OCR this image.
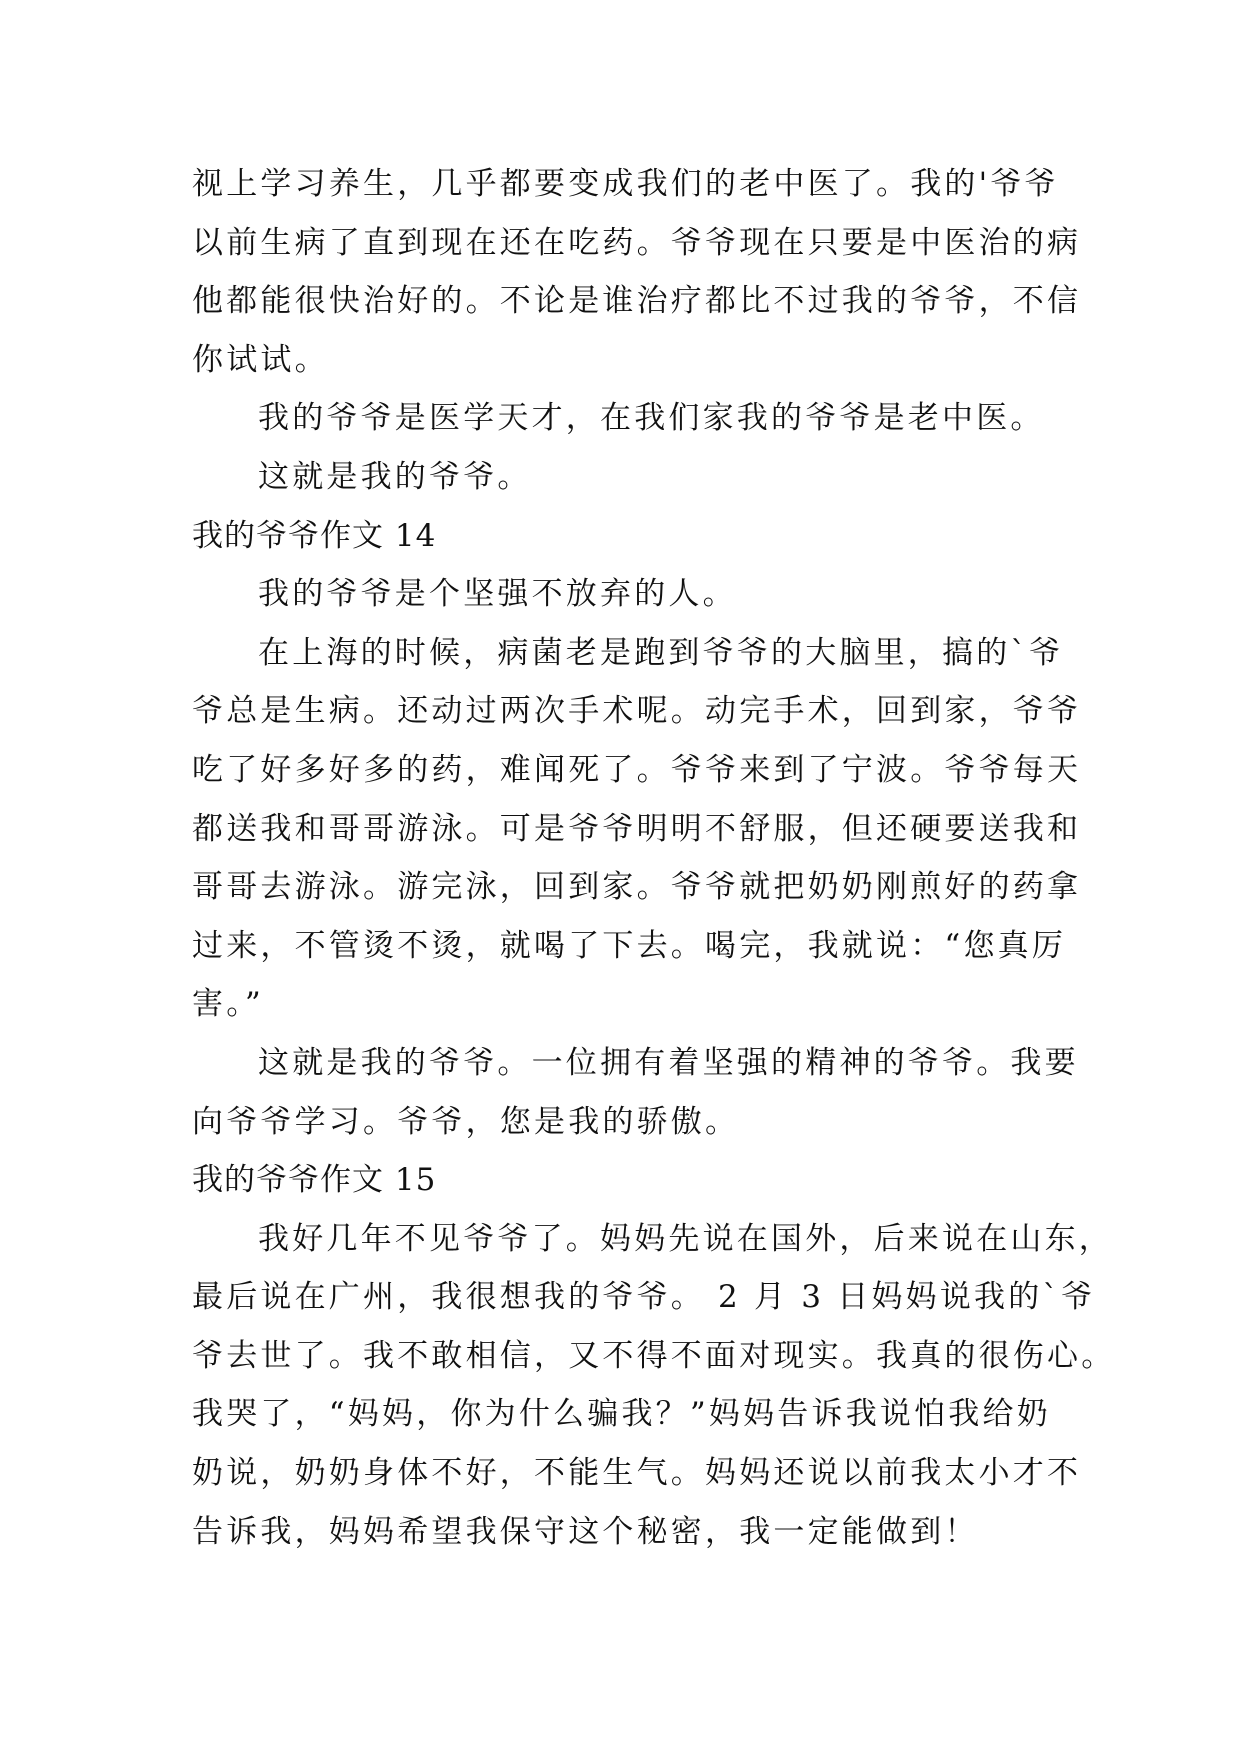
视上学习养生，几乎都要变成我们的老中医了。我的'爷爷
以前生病了直到现在还在吃药。爷爷现在只要是中医治的病
他都能很快治好的。不论是谁治疗都比不过我的爷爷，不信
你试试。
我的爷爷是医学天才，在我们家我的爷爷是老中医。
这就是我的爷爷。
我的爷爷作文 14
我的爷爷是个坚强不放弃的人。
在上海的时候，病菌老是跑到爷爷的大脑里，搞的`爷
爷总是生病。还动过两次手术呢。动完手术，回到家，爷爷
吃了好多好多的药，难闻死了。爷爷来到了宁波。爷爷每天
都送我和哥哥游泳。可是爷爷明明不舒服，但还硬要送我和
哥哥去游泳。游完泳，回到家。爷爷就把奶奶刚煎好的药拿
过来，不管烫不烫，就喝了下去。喝完，我就说：“您真厉
害。”
这就是我的爷爷。一位拥有着坚强的精神的爷爷。我要
向爷爷学习。爷爷，您是我的骄傲。
我的爷爷作文 15
我好几年不见爷爷了。妈妈先说在国外，后来说在山东，
最后说在广州，我很想我的爷爷。 2 月 3 日妈妈说我的`爷
爷去世了。我不敢相信，又不得不面对现实。我真的很伤心。
我哭了，“妈妈，你为什么骗我？”妈妈告诉我说怕我给奶
奶说，奶奶身体不好，不能生气。妈妈还说以前我太小才不
告诉我，妈妈希望我保守这个秘密，我一定能做到！
